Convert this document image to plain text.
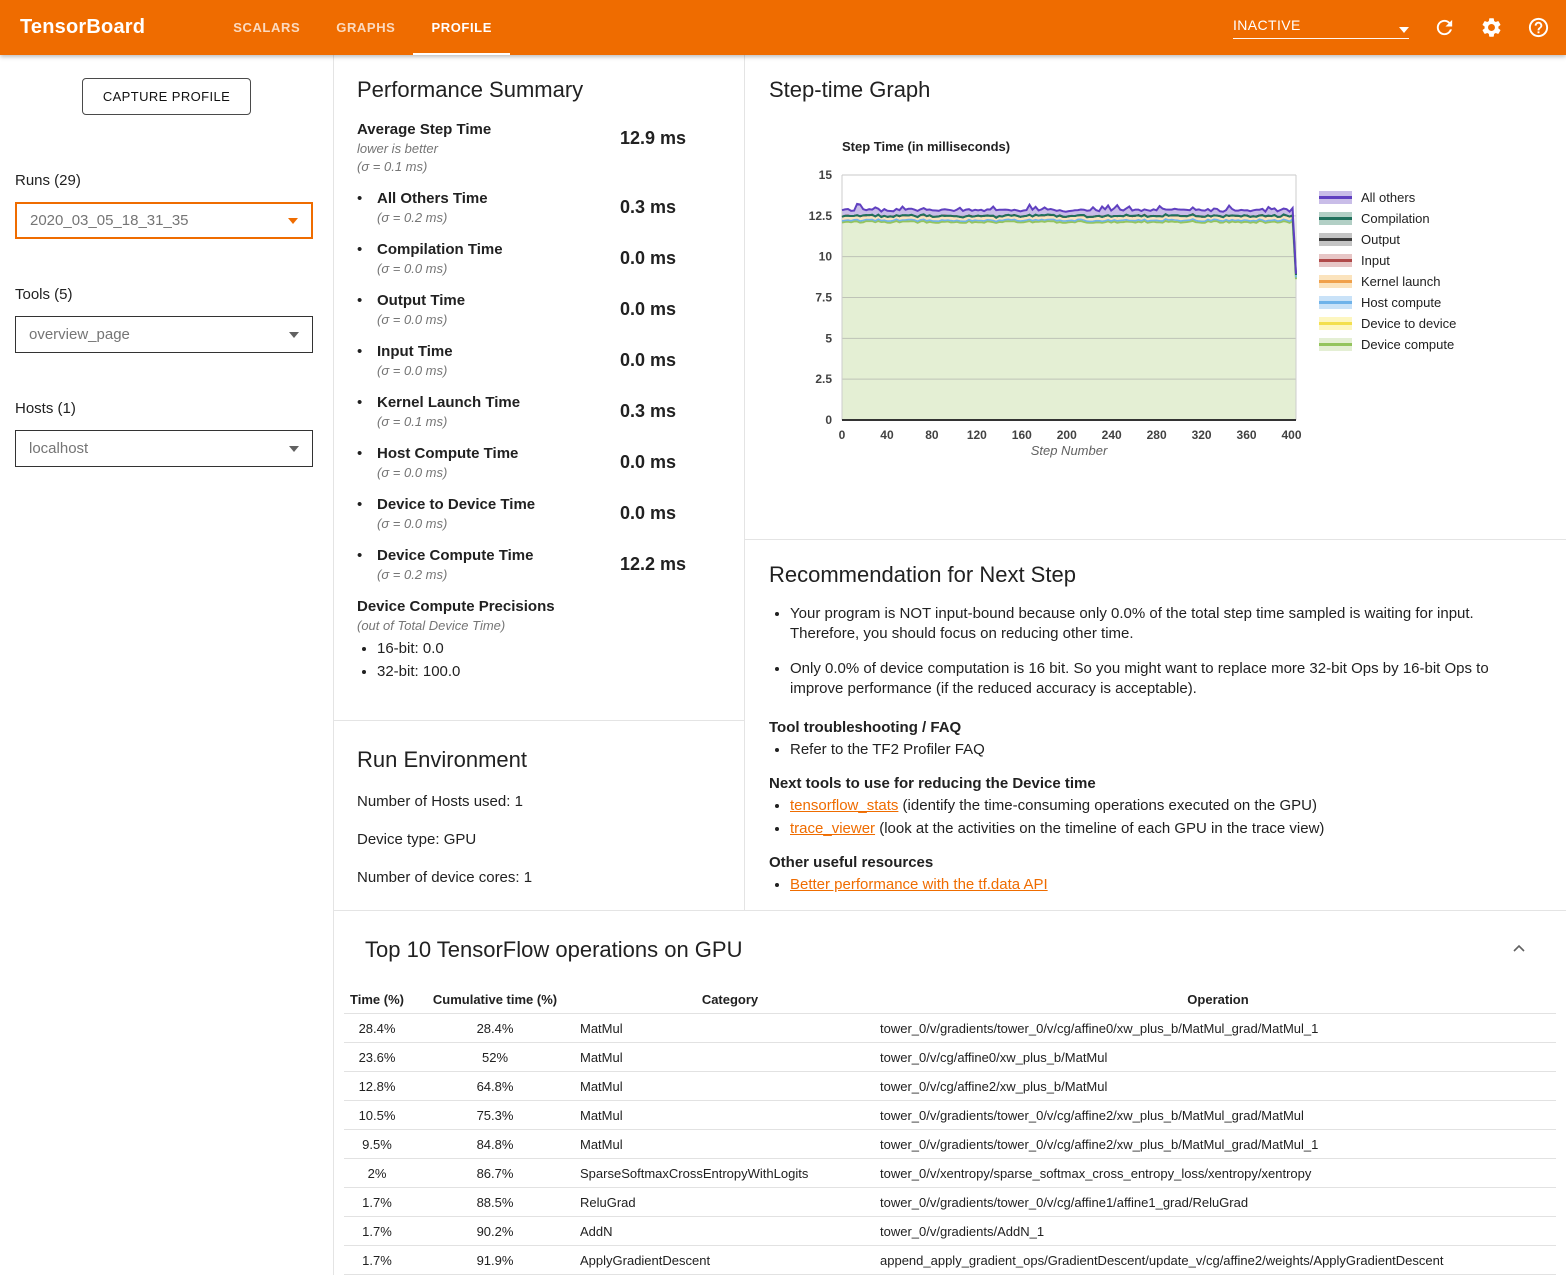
TensorBoard	SCALARS	GRAPHS	PROFILE	INACTIVE
CAPTURE PROFILE
Runs (29)
2020_03_05_18_31_35
Tools (5)
overview_page
Hosts (1)
localhost
Performance Summary
Average Step Time
lower is better
(σ = 0.1 ms)
12.9 ms
• All Others Time
(σ = 0.2 ms)
0.3 ms
• Compilation Time
(σ = 0.0 ms)
0.0 ms
• Output Time
(σ = 0.0 ms)
0.0 ms
• Input Time
(σ = 0.0 ms)
0.0 ms
• Kernel Launch Time
(σ = 0.1 ms)
0.3 ms
• Host Compute Time
(σ = 0.0 ms)
0.0 ms
• Device to Device Time
(σ = 0.0 ms)
0.0 ms
• Device Compute Time
(σ = 0.2 ms)
12.2 ms
Device Compute Precisions
(out of Total Device Time)
• 16-bit: 0.0
• 32-bit: 100.0
Run Environment
Number of Hosts used: 1
Device type: GPU
Number of device cores: 1
Step-time Graph
Step Time (in milliseconds)
0
2.5
5
7.5
10
12.5
15
0	40	80 120 160 200 240 280 320 360 400
Step Number
All others
Compilation
Output
Input
Kernel launch
Host compute
Device to device
Device compute
Recommendation for Next Step
• Your program is NOT input-bound because only 0.0% of the total step time sampled is waiting for input. Therefore, you should focus on reducing other time.
• Only 0.0% of device computation is 16 bit. So you might want to replace more 32-bit Ops by 16-bit Ops to improve performance (if the reduced accuracy is acceptable).
Tool troubleshooting / FAQ
• Refer to the TF2 Profiler FAQ
Next tools to use for reducing the Device time
• tensorflow_stats (identify the time-consuming operations executed on the GPU)
• trace_viewer (look at the activities on the timeline of each GPU in the trace view)
Other useful resources
• Better performance with the tf.data API
Top 10 TensorFlow operations on GPU
Time (%)	Cumulative time (%)	Category	Operation
28.4%	28.4%	MatMul	tower_0/v/gradients/tower_0/v/cg/affine0/xw_plus_b/MatMul_grad/MatMul_1
23.6%	52%	MatMul	tower_0/v/cg/affine0/xw_plus_b/MatMul
12.8%	64.8%	MatMul	tower_0/v/cg/affine2/xw_plus_b/MatMul
10.5%	75.3%	MatMul	tower_0/v/gradients/tower_0/v/cg/affine2/xw_plus_b/MatMul_grad/MatMul
9.5%	84.8%	MatMul	tower_0/v/gradients/tower_0/v/cg/affine2/xw_plus_b/MatMul_grad/MatMul_1
2%	86.7%	SparseSoftmaxCrossEntropyWithLogits	tower_0/v/xentropy/sparse_softmax_cross_entropy_loss/xentropy/xentropy
1.7%	88.5%	ReluGrad	tower_0/v/gradients/tower_0/v/cg/affine1/affine1_grad/ReluGrad
1.7%	90.2%	AddN	tower_0/v/gradients/AddN_1
1.7%	91.9%	ApplyGradientDescent	append_apply_gradient_ops/GradientDescent/update_v/cg/affine2/weights/ApplyGradientDescent
